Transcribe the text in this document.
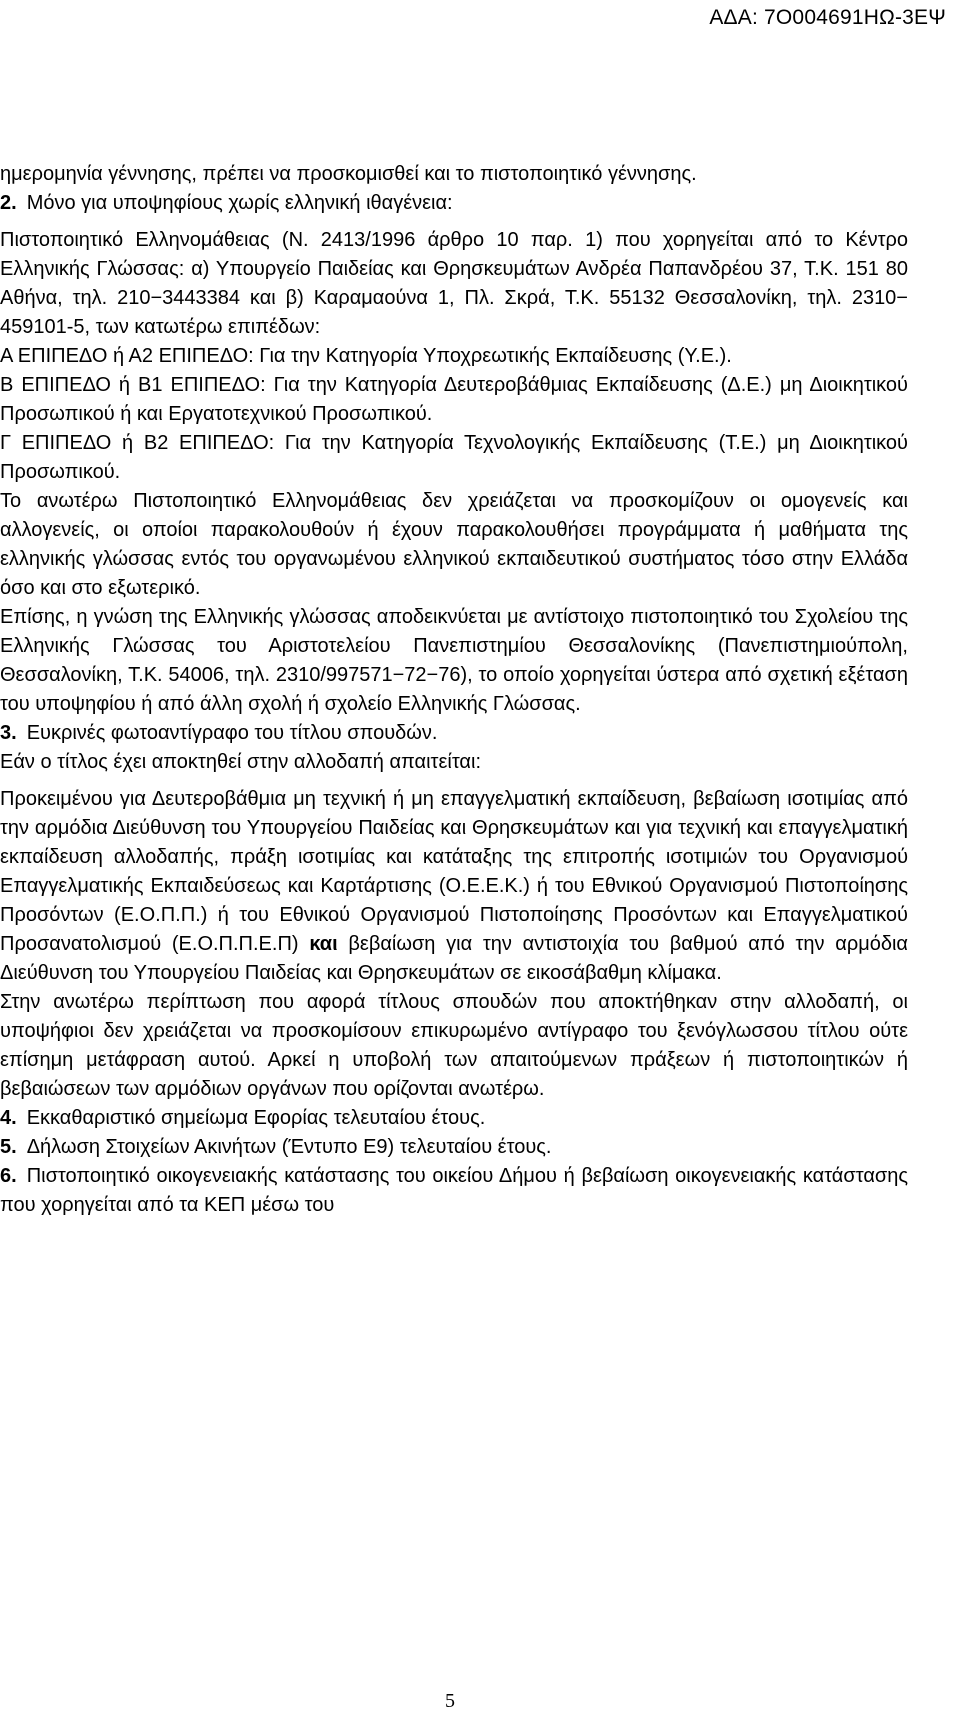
ΑΔΑ: 7Ο004691ΗΩ-3ΕΨ

ημερομηνία γέννησης, πρέπει να προσκομισθεί και το πιστοποιητικό γέννησης.

2. Μόνο για υποψηφίους χωρίς ελληνική ιθαγένεια:

Πιστοποιητικό Ελληνομάθειας (Ν. 2413/1996 άρθρο 10 παρ. 1) που χορηγείται από το Κέντρο Ελληνικής Γλώσσας: α) Υπουργείο Παιδείας και Θρησκευμάτων Ανδρέα Παπανδρέου 37, Τ.Κ. 151 80 Αθήνα, τηλ. 210−3443384 και β) Καραμαούνα 1, Πλ. Σκρά, Τ.Κ. 55132 Θεσσαλονίκη, τηλ. 2310− 459101-5, των κατωτέρω επιπέδων:

Α ΕΠΙΠΕΔΟ ή Α2 ΕΠΙΠΕΔΟ: Για την Κατηγορία Υποχρεωτικής Εκπαίδευσης (Υ.Ε.).

Β ΕΠΙΠΕΔΟ ή Β1 ΕΠΙΠΕΔΟ: Για την Κατηγορία Δευτεροβάθμιας Εκπαίδευσης (Δ.Ε.) μη Διοικητικού Προσωπικού ή και Εργατοτεχνικού Προσωπικού.

Γ ΕΠΙΠΕΔΟ ή Β2 ΕΠΙΠΕΔΟ: Για την Κατηγορία Τεχνολογικής Εκπαίδευσης (Τ.Ε.) μη Διοικητικού Προσωπικού.

Το ανωτέρω Πιστοποιητικό Ελληνομάθειας δεν χρειάζεται να προσκομίζουν οι ομογενείς και αλλογενείς, οι οποίοι παρακολουθούν ή έχουν παρακολουθήσει προγράμματα ή μαθήματα της ελληνικής γλώσσας εντός του οργανωμένου ελληνικού εκπαιδευτικού συστήματος τόσο στην Ελλάδα όσο και στο εξωτερικό.

Επίσης, η γνώση της Ελληνικής γλώσσας αποδεικνύεται με αντίστοιχο πιστοποιητικό του Σχολείου της Ελληνικής Γλώσσας του Αριστοτελείου Πανεπιστημίου Θεσσαλονίκης (Πανεπιστημιούπολη, Θεσσαλονίκη, Τ.Κ. 54006, τηλ. 2310/997571−72−76), το οποίο χορηγείται ύστερα από σχετική εξέταση του υποψηφίου ή από άλλη σχολή ή σχολείο Ελληνικής Γλώσσας.

3. Ευκρινές φωτοαντίγραφο του τίτλου σπουδών.

Εάν ο τίτλος έχει αποκτηθεί στην αλλοδαπή απαιτείται:

Προκειμένου για Δευτεροβάθμια μη τεχνική ή μη επαγγελματική εκπαίδευση, βεβαίωση ισοτιμίας από την αρμόδια Διεύθυνση του Υπουργείου Παιδείας και Θρησκευμάτων και για τεχνική και επαγγελματική εκπαίδευση αλλοδαπής, πράξη ισοτιμίας και κατάταξης της επιτροπής ισοτιμιών του Οργανισμού Επαγγελματικής Εκπαιδεύσεως και Καρτάρτισης (Ο.Ε.Ε.Κ.) ή του Εθνικού Οργανισμού Πιστοποίησης Προσόντων (Ε.Ο.Π.Π.) ή του Εθνικού Οργανισμού Πιστοποίησης Προσόντων και Επαγγελματικού Προσανατολισμού (Ε.Ο.Π.Π.Ε.Π) και βεβαίωση για την αντιστοιχία του βαθμού από την αρμόδια Διεύθυνση του Υπουργείου Παιδείας και Θρησκευμάτων σε εικοσάβαθμη κλίμακα.

Στην ανωτέρω περίπτωση που αφορά τίτλους σπουδών που αποκτήθηκαν στην αλλοδαπή, οι υποψήφιοι δεν χρειάζεται να προσκομίσουν επικυρωμένο αντίγραφο του ξενόγλωσσου τίτλου ούτε επίσημη μετάφραση αυτού. Αρκεί η υποβολή των απαιτούμενων πράξεων ή πιστοποιητικών ή βεβαιώσεων των αρμόδιων οργάνων που ορίζονται ανωτέρω.

4. Εκκαθαριστικό σημείωμα Εφορίας τελευταίου έτους.

5. Δήλωση Στοιχείων Ακινήτων (Έντυπο Ε9) τελευταίου έτους.

6. Πιστοποιητικό οικογενειακής κατάστασης του οικείου Δήμου ή βεβαίωση οικογενειακής κατάστασης που χορηγείται από τα ΚΕΠ μέσω του

5
